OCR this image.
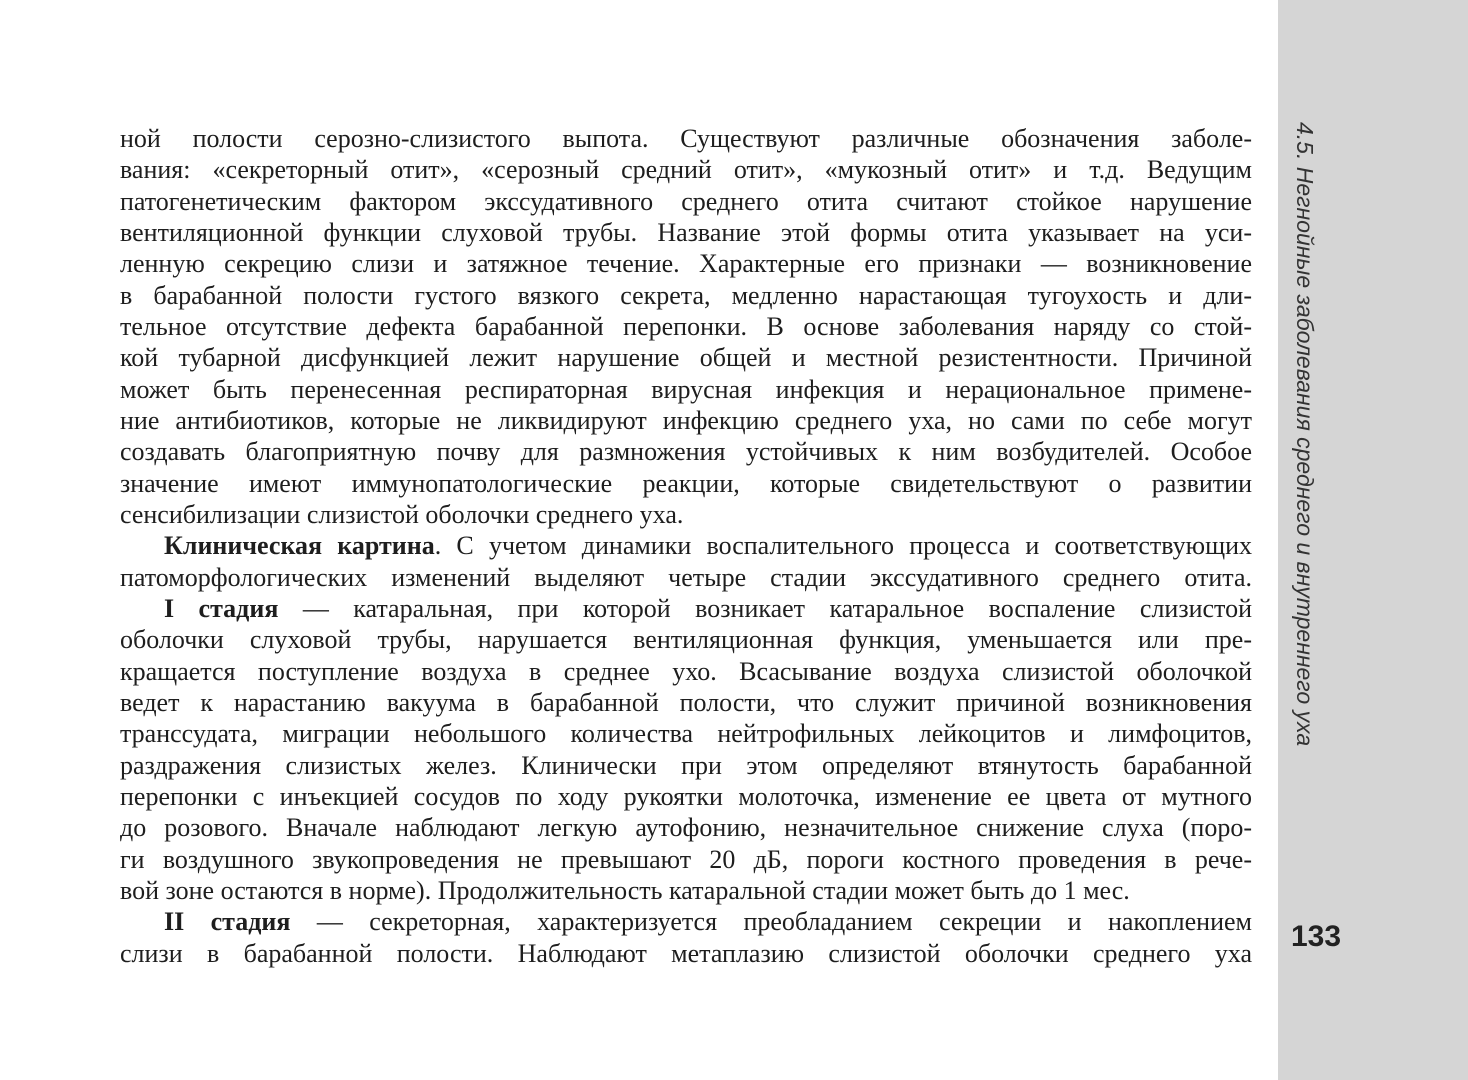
4.5. Негнойные заболевания среднего и внутреннего уха
133
ной полости серозно-слизистого выпота. Существуют различные обозначения заболе-
вания: «секреторный отит», «серозный средний отит», «мукозный отит» и т.д. Ведущим
патогенетическим фактором экссудативного среднего отита считают стойкое нарушение
вентиляционной функции слуховой трубы. Название этой формы отита указывает на уси-
ленную секрецию слизи и затяжное течение. Характерные его признаки — возникновение
в барабанной полости густого вязкого секрета, медленно нарастающая тугоухость и дли-
тельное отсутствие дефекта барабанной перепонки. В основе заболевания наряду со стой-
кой тубарной дисфункцией лежит нарушение общей и местной резистентности. Причиной
может быть перенесенная респираторная вирусная инфекция и нерациональное примене-
ние антибиотиков, которые не ликвидируют инфекцию среднего уха, но сами по себе могут
создавать благоприятную почву для размножения устойчивых к ним возбудителей. Особое
значение имеют иммунопатологические реакции, которые свидетельствуют о развитии
сенсибилизации слизистой оболочки среднего уха.
Клиническая картина. С учетом динамики воспалительного процесса и соответствующих
патоморфологических изменений выделяют четыре стадии экссудативного среднего отита.
I стадия — катаральная, при которой возникает катаральное воспаление слизистой
оболочки слуховой трубы, нарушается вентиляционная функция, уменьшается или пре-
кращается поступление воздуха в среднее ухо. Всасывание воздуха слизистой оболочкой
ведет к нарастанию вакуума в барабанной полости, что служит причиной возникновения
транссудата, миграции небольшого количества нейтрофильных лейкоцитов и лимфоцитов,
раздражения слизистых желез. Клинически при этом определяют втянутость барабанной
перепонки с инъекцией сосудов по ходу рукоятки молоточка, изменение ее цвета от мутного
до розового. Вначале наблюдают легкую аутофонию, незначительное снижение слуха (поро-
ги воздушного звукопроведения не превышают 20 дБ, пороги костного проведения в рече-
вой зоне остаются в норме). Продолжительность катаральной стадии может быть до 1 мес.
II стадия — секреторная, характеризуется преобладанием секреции и накоплением
слизи в барабанной полости. Наблюдают метаплазию слизистой оболочки среднего уха
